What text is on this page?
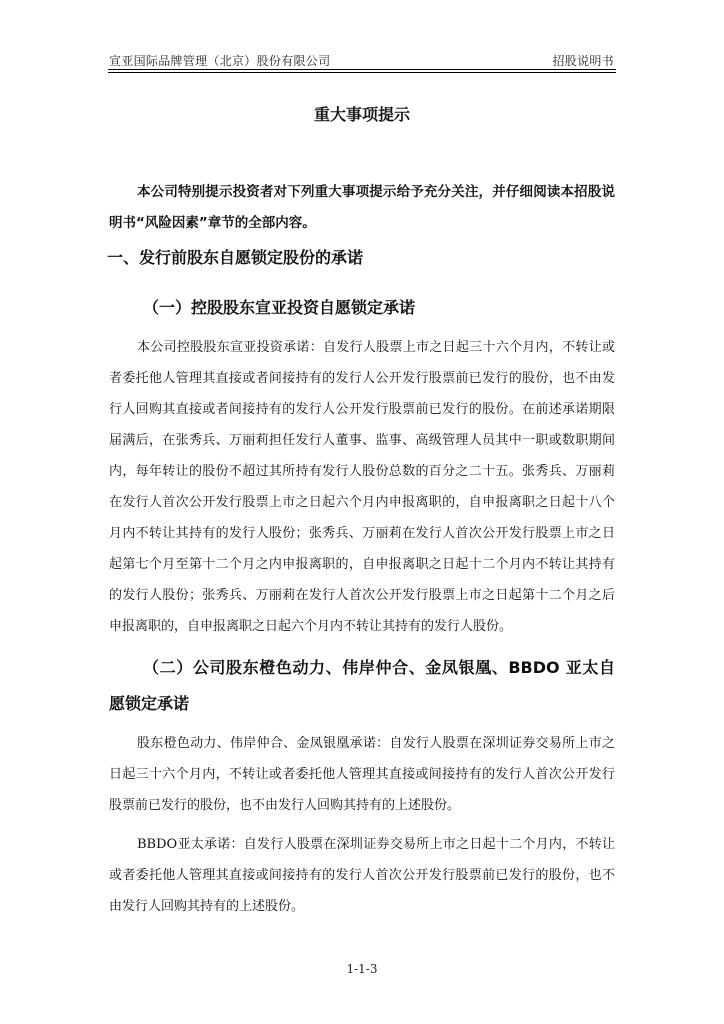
宣亚国际品牌管理（北京）股份有限公司	招股说明书
重大事项提示

本公司特别提示投资者对下列重大事项提示给予充分关注，并仔细阅读本招股说明书“风险因素”章节的全部内容。

一、发行前股东自愿锁定股份的承诺
（一）控股股东宣亚投资自愿锁定承诺

本公司控股股东宣亚投资承诺：自发行人股票上市之日起三十六个月内，不转让或者委托他人管理其直接或者间接持有的发行人公开发行股票前已发行的股份，也不由发行人回购其直接或者间接持有的发行人公开发行股票前已发行的股份。在前述承诺期限届满后，在张秀兵、万丽莉担任发行人董事、监事、高级管理人员其中一职或数职期间内，每年转让的股份不超过其所持有发行人股份总数的百分之二十五。张秀兵、万丽莉在发行人首次公开发行股票上市之日起六个月内申报离职的，自申报离职之日起十八个月内不转让其持有的发行人股份；张秀兵、万丽莉在发行人首次公开发行股票上市之日起第七个月至第十二个月之内申报离职的，自申报离职之日起十二个月内不转让其持有的发行人股份；张秀兵、万丽莉在发行人首次公开发行股票上市之日起第十二个月之后申报离职的，自申报离职之日起六个月内不转让其持有的发行人股份。

（二）公司股东橙色动力、伟岸仲合、金凤银凰、BBDO 亚太自愿锁定承诺

股东橙色动力、伟岸仲合、金凤银凰承诺：自发行人股票在深圳证券交易所上市之日起三十六个月内，不转让或者委托他人管理其直接或间接持有的发行人首次公开发行股票前已发行的股份，也不由发行人回购其持有的上述股份。

BBDO亚太承诺：自发行人股票在深圳证券交易所上市之日起十二个月内，不转让或者委托他人管理其直接或间接持有的发行人首次公开发行股票前已发行的股份，也不由发行人回购其持有的上述股份。

1-1-3
